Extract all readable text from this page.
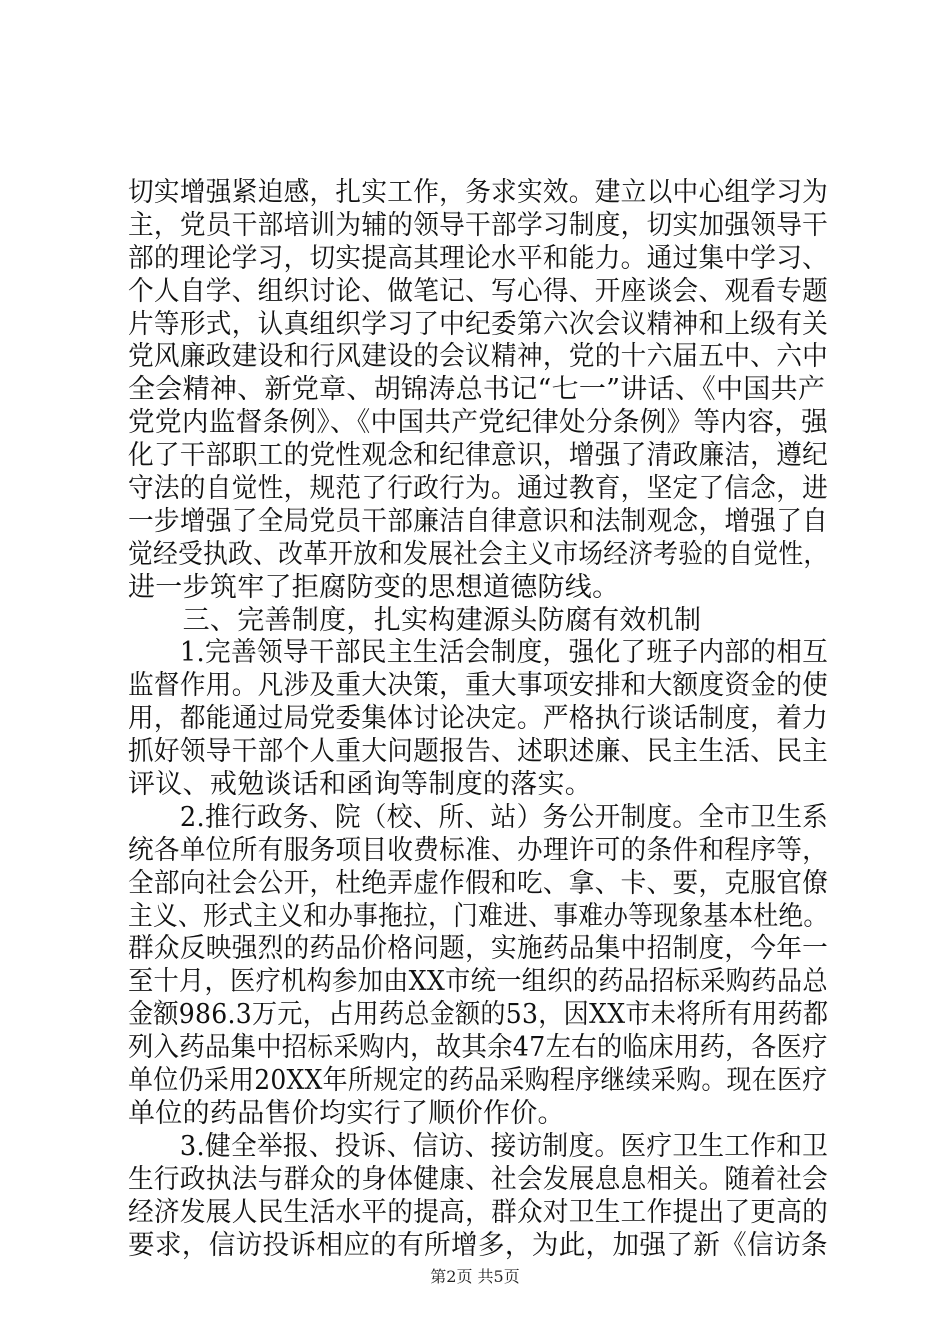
切实增强紧迫感，扎实工作，务求实效。建立以中心组学习为
主，党员干部培训为辅的领导干部学习制度，切实加强领导干
部的理论学习，切实提高其理论水平和能力。通过集中学习、
个人自学、组织讨论、做笔记、写心得、开座谈会、观看专题
片等形式，认真组织学习了中纪委第六次会议精神和上级有关
党风廉政建设和行风建设的会议精神，党的十六届五中、六中
全会精神、新党章、胡锦涛总书记“七一”讲话、《中国共产
党党内监督条例》、《中国共产党纪律处分条例》等内容，强
化了干部职工的党性观念和纪律意识，增强了清政廉洁，遵纪
守法的自觉性，规范了行政行为。通过教育，坚定了信念，进
一步增强了全局党员干部廉洁自律意识和法制观念，增强了自
觉经受执政、改革开放和发展社会主义市场经济考验的自觉性，
进一步筑牢了拒腐防变的思想道德防线。
　　三、完善制度，扎实构建源头防腐有效机制
　　1.完善领导干部民主生活会制度，强化了班子内部的相互
监督作用。凡涉及重大决策，重大事项安排和大额度资金的使
用，都能通过局党委集体讨论决定。严格执行谈话制度，着力
抓好领导干部个人重大问题报告、述职述廉、民主生活、民主
评议、戒勉谈话和函询等制度的落实。
　　2.推行政务、院（校、所、站）务公开制度。全市卫生系
统各单位所有服务项目收费标准、办理许可的条件和程序等，
全部向社会公开，杜绝弄虚作假和吃、拿、卡、要，克服官僚
主义、形式主义和办事拖拉，门难进、事难办等现象基本杜绝。
群众反映强烈的药品价格问题，实施药品集中招制度，今年一
至十月，医疗机构参加由XX市统一组织的药品招标采购药品总
金额986.3万元，占用药总金额的53，因XX市未将所有用药都
列入药品集中招标采购内，故其余47左右的临床用药，各医疗
单位仍采用20XX年所规定的药品采购程序继续采购。现在医疗
单位的药品售价均实行了顺价作价。
　　3.健全举报、投诉、信访、接访制度。医疗卫生工作和卫
生行政执法与群众的身体健康、社会发展息息相关。随着社会
经济发展人民生活水平的提高，群众对卫生工作提出了更高的
要求，信访投诉相应的有所增多，为此，加强了新《信访条
第2页 共5页
